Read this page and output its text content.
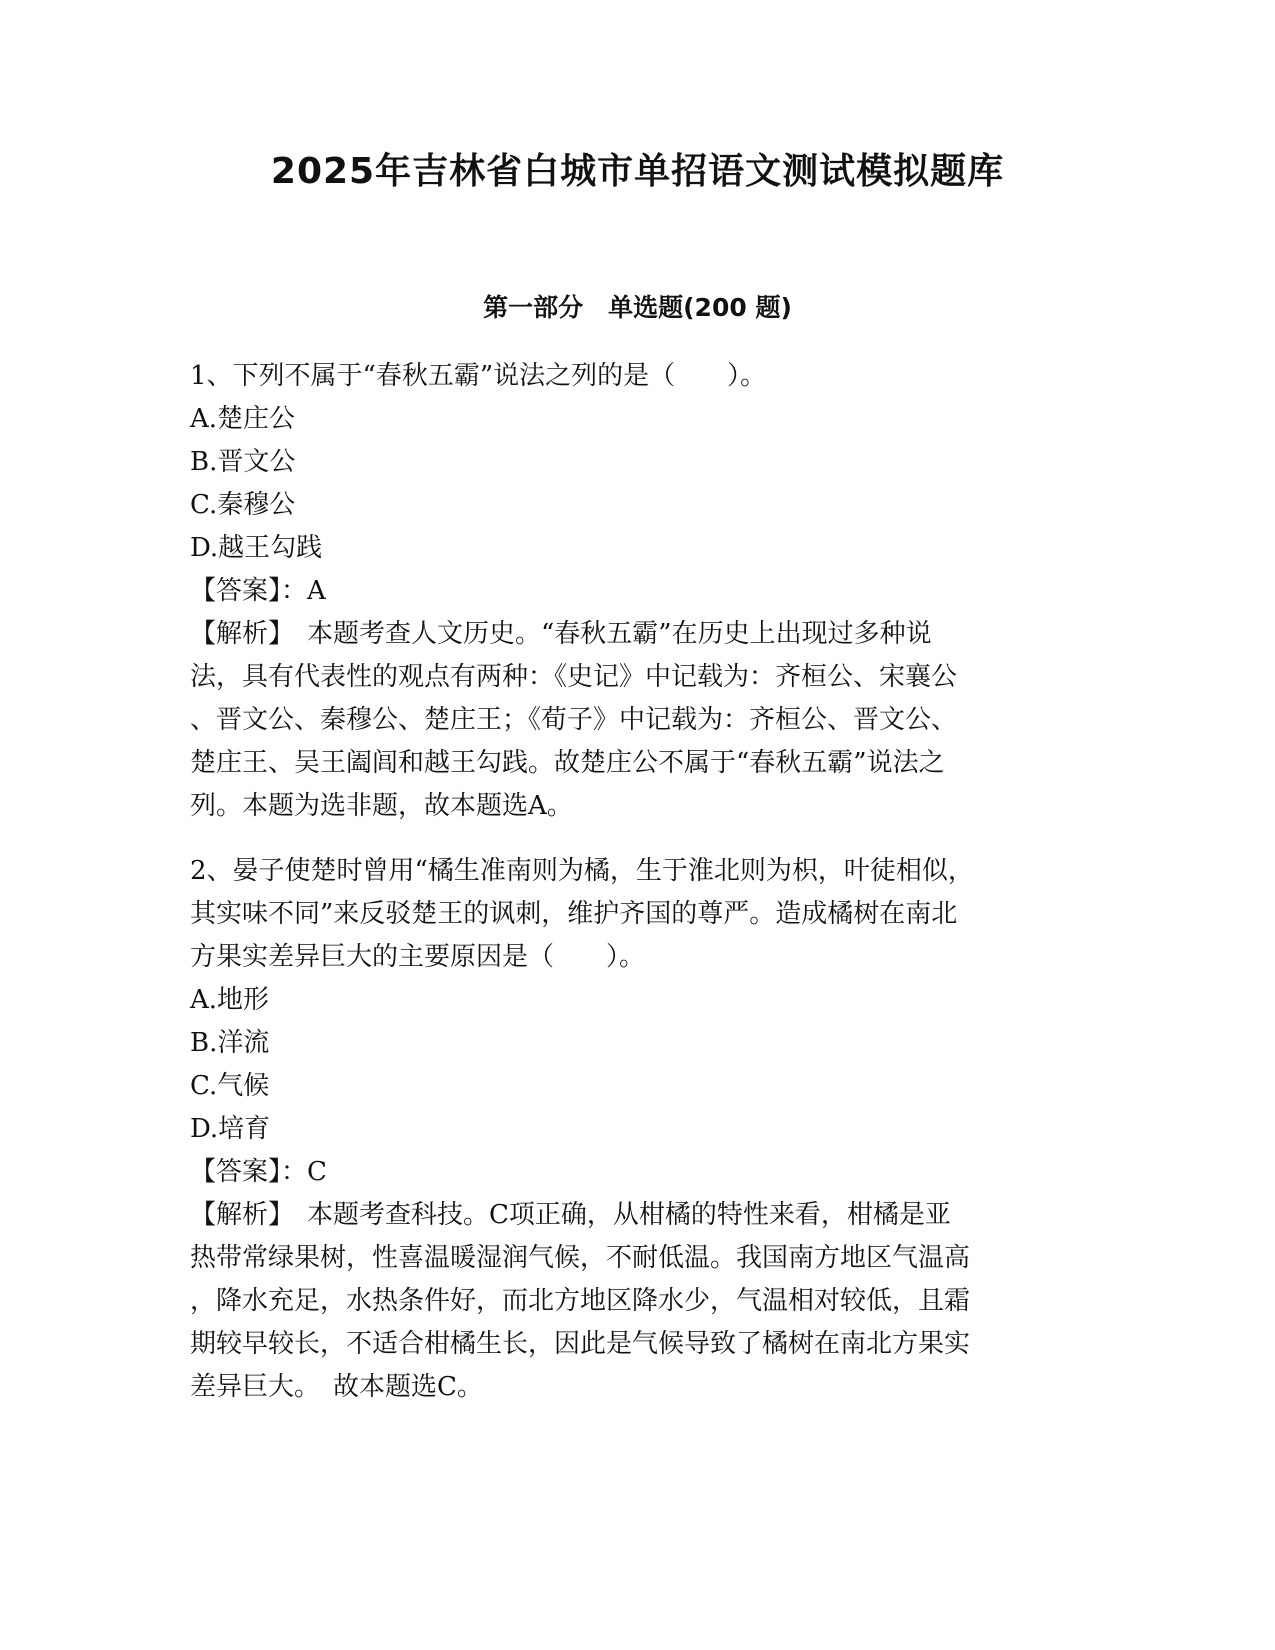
2025年吉林省白城市单招语文测试模拟题库
第一部分　单选题(200 题)
1、下列不属于“春秋五霸”说法之列的是（　　）。
A.楚庄公
B.晋文公
C.秦穆公
D.越王勾践
【答案】：A
【解析】　本题考查人文历史。“春秋五霸”在历史上出现过多种说
法，具有代表性的观点有两种：《史记》中记载为：齐桓公、宋襄公
、晋文公、秦穆公、楚庄王；《荀子》中记载为：齐桓公、晋文公、
楚庄王、吴王阖闾和越王勾践。故楚庄公不属于“春秋五霸”说法之
列。本题为选非题，故本题选A。
2、晏子使楚时曾用“橘生准南则为橘，生于淮北则为枳，叶徒相似，
其实味不同”来反驳楚王的讽刺，维护齐国的尊严。造成橘树在南北
方果实差异巨大的主要原因是（　　）。
A.地形
B.洋流
C.气候
D.培育
【答案】：C
【解析】　本题考查科技。C项正确，从柑橘的特性来看，柑橘是亚
热带常绿果树，性喜温暖湿润气候，不耐低温。我国南方地区气温高
，降水充足，水热条件好，而北方地区降水少，气温相对较低，且霜
期较早较长，不适合柑橘生长，因此是气候导致了橘树在南北方果实
差异巨大。　故本题选C。
